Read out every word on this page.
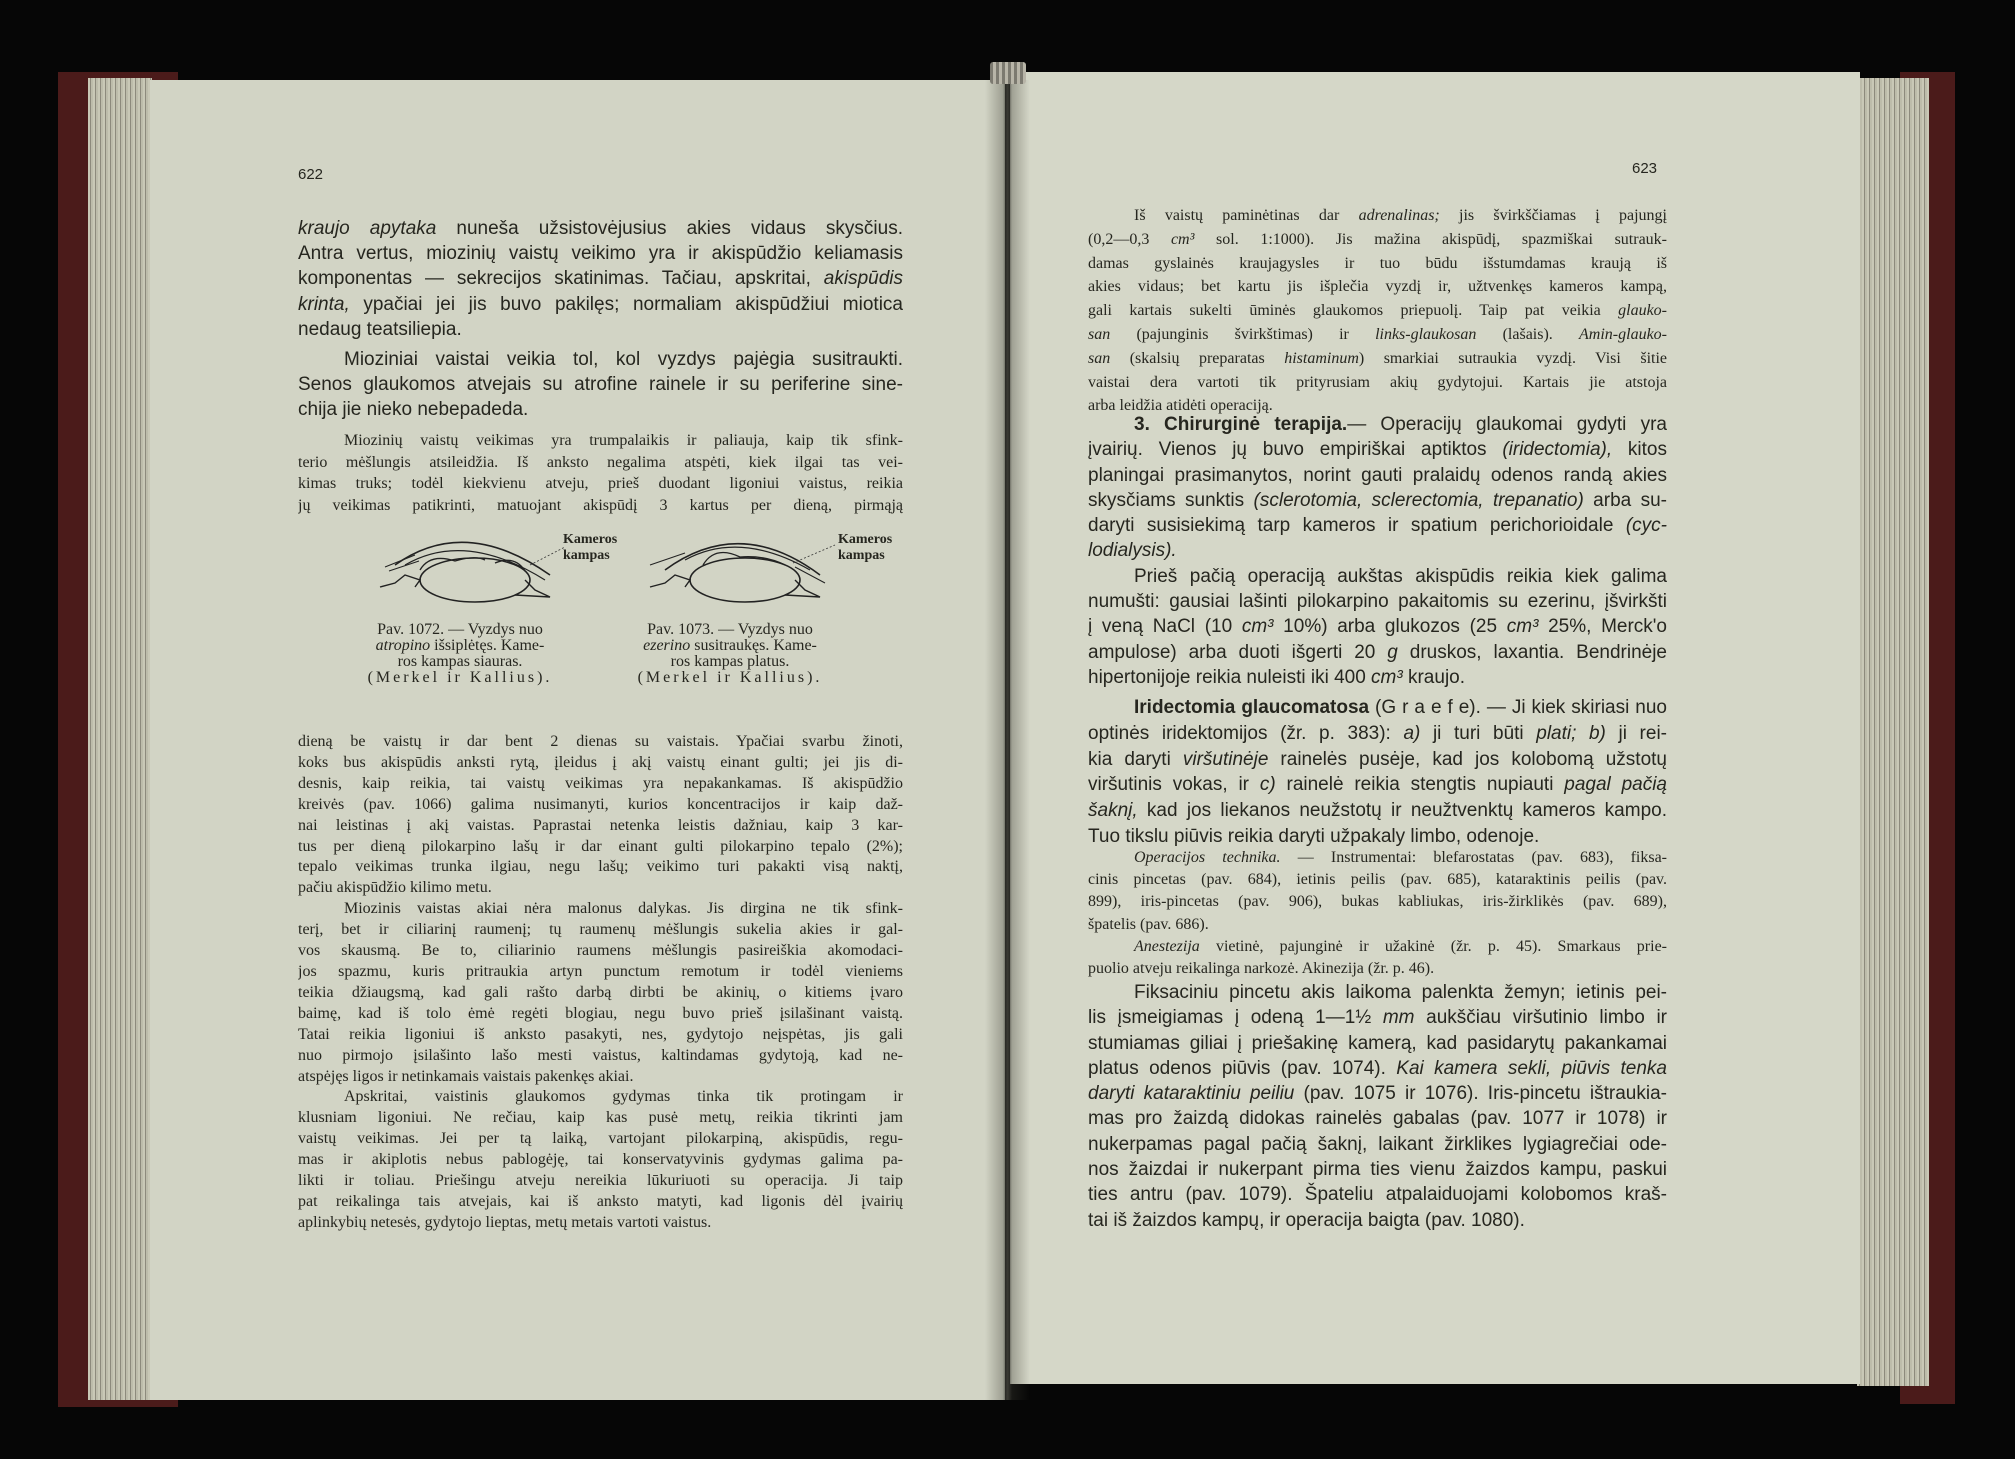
622	623
kraujo apytaka nuneša užsistovėjusius akies vidaus skysčius.
Antra vertus, miozinių vaistų veikimo yra ir akispūdžio keliamasis
komponentas — sekrecijos skatinimas. Tačiau, apskritai, akispūdis
krinta, ypačiai jei jis buvo pakilęs; normaliam akispūdžiui miotica
nedaug teatsiliepia.
Mioziniai vaistai veikia tol, kol vyzdys pajėgia susitraukti.
Senos glaukomos atvejais su atrofine rainele ir su periferine sine-
chija jie nieko nebepadeda.
Miozinių vaistų veikimas yra trumpalaikis ir paliauja, kaip tik sfink-
terio mėšlungis atsileidžia. Iš anksto negalima atspėti, kiek ilgai tas vei-
kimas truks; todėl kiekvienu atveju, prieš duodant ligoniui vaistus, reikia
jų veikimas patikrinti, matuojant akispūdį 3 kartus per dieną, pirmąją
dieną be vaistų ir dar bent 2 dienas su vaistais. Ypačiai svarbu žinoti,
koks bus akispūdis anksti rytą, įleidus į akį vaistų einant gulti; jei jis di-
desnis, kaip reikia, tai vaistų veikimas yra nepakankamas. Iš akispūdžio
kreivės (pav. 1066) galima nusimanyti, kurios koncentracijos ir kaip daž-
nai leistinas į akį vaistas. Paprastai netenka leistis dažniau, kaip 3 kar-
tus per dieną pilokarpino lašų ir dar einant gulti pilokarpino tepalo (2%);
tepalo veikimas trunka ilgiau, negu lašų; veikimo turi pakakti visą naktį,
pačiu akispūdžio kilimo metu.
Miozinis vaistas akiai nėra malonus dalykas. Jis dirgina ne tik sfink-
terį, bet ir ciliarinį raumenį; tų raumenų mėšlungis sukelia akies ir gal-
vos skausmą. Be to, ciliarinio raumens mėšlungis pasireiškia akomodaci-
jos spazmu, kuris pritraukia artyn punctum remotum ir todėl vieniems
teikia džiaugsmą, kad gali rašto darbą dirbti be akinių, o kitiems įvaro
baimę, kad iš tolo ėmė regėti blogiau, negu buvo prieš įsilašinant vaistą.
Tatai reikia ligoniui iš anksto pasakyti, nes, gydytojo neįspėtas, jis gali
nuo pirmojo įsilašinto lašo mesti vaistus, kaltindamas gydytoją, kad ne-
atspėjęs ligos ir netinkamais vaistais pakenkęs akiai.
Apskritai, vaistinis glaukomos gydymas tinka tik protingam ir
klusniam ligoniui. Ne rečiau, kaip kas pusė metų, reikia tikrinti jam
vaistų veikimas. Jei per tą laiką, vartojant pilokarpiną, akispūdis, regu-
mas ir akiplotis nebus pablogėję, tai konservatyvinis gydymas galima pa-
likti ir toliau. Priešingu atveju nereikia lūkuriuoti su operacija. Ji taip
pat reikalinga tais atvejais, kai iš anksto matyti, kad ligonis dėl įvairių
aplinkybių netesės, gydytojo lieptas, metų metais vartoti vaistus.
Kameros
kampas
Kameros
kampas
Pav. 1072. — Vyzdys nuo
atropino išsiplėtęs. Kame-
ros kampas siauras.
(Merkel ir Kallius).
Pav. 1073. — Vyzdys nuo
ezerino susitraukęs. Kame-
ros kampas platus.
(Merkel ir Kallius).
Iš vaistų paminėtinas dar adrenalinas; jis švirkščiamas į pajungį
(0,2—0,3 cm³ sol. 1:1000). Jis mažina akispūdį, spazmiškai sutrauk-
damas gyslainės kraujagysles ir tuo būdu išstumdamas kraują iš
akies vidaus; bet kartu jis išplečia vyzdį ir, užtvenkęs kameros kampą,
gali kartais sukelti ūminės glaukomos priepuolį. Taip pat veikia glauko-
san (pajunginis švirkštimas) ir links-glaukosan (lašais). Amin-glauko-
san (skalsių preparatas histaminum) smarkiai sutraukia vyzdį. Visi šitie
vaistai dera vartoti tik prityrusiam akių gydytojui. Kartais jie atstoja
arba leidžia atidėti operaciją.
3. Chirurginė terapija.— Operacijų glaukomai gydyti yra
įvairių. Vienos jų buvo empiriškai aptiktos (iridectomia), kitos
planingai prasimanytos, norint gauti pralaidų odenos randą akies
skysčiams sunktis (sclerotomia, sclerectomia, trepanatio) arba su-
daryti susisiekimą tarp kameros ir spatium perichorioidale (cyc-
lodialysis).
Prieš pačią operaciją aukštas akispūdis reikia kiek galima
numušti: gausiai lašinti pilokarpino pakaitomis su ezerinu, įšvirkšti
į veną NaCl (10 cm³ 10%) arba glukozos (25 cm³ 25%, Merck'o
ampulose) arba duoti išgerti 20 g druskos, laxantia. Bendrinėje
hipertonijoje reikia nuleisti iki 400 cm³ kraujo.
Iridectomia glaucomatosa (G r a e f e). — Ji kiek skiriasi nuo
optinės iridektomijos (žr. p. 383): a) ji turi būti plati; b) ji rei-
kia daryti viršutinėje rainelės pusėje, kad jos kolobomą užstotų
viršutinis vokas, ir c) rainelė reikia stengtis nupiauti pagal pačią
šaknį, kad jos liekanos neužstotų ir neužtvenktų kameros kampo.
Tuo tikslu piūvis reikia daryti užpakaly limbo, odenoje.
Operacijos technika. — Instrumentai: blefarostatas (pav. 683), fiksa-
cinis pincetas (pav. 684), ietinis peilis (pav. 685), kataraktinis peilis (pav.
899), iris-pincetas (pav. 906), bukas kabliukas, iris-žirklikės (pav. 689),
špatelis (pav. 686).
Anestezija vietinė, pajunginė ir užakinė (žr. p. 45). Smarkaus prie-
puolio atveju reikalinga narkozė. Akinezija (žr. p. 46).
Fiksaciniu pincetu akis laikoma palenkta žemyn; ietinis pei-
lis įsmeigiamas į odeną 1—1½ mm aukščiau viršutinio limbo ir
stumiamas giliai į priešakinę kamerą, kad pasidarytų pakankamai
platus odenos piūvis (pav. 1074). Kai kamera sekli, piūvis tenka
daryti kataraktiniu peiliu (pav. 1075 ir 1076). Iris-pincetu ištraukia-
mas pro žaizdą didokas rainelės gabalas (pav. 1077 ir 1078) ir
nukerpamas pagal pačią šaknį, laikant žirklikes lygiagrečiai ode-
nos žaizdai ir nukerpant pirma ties vienu žaizdos kampu, paskui
ties antru (pav. 1079). Špateliu atpalaiduojami kolobomos kraš-
tai iš žaizdos kampų, ir operacija baigta (pav. 1080).
